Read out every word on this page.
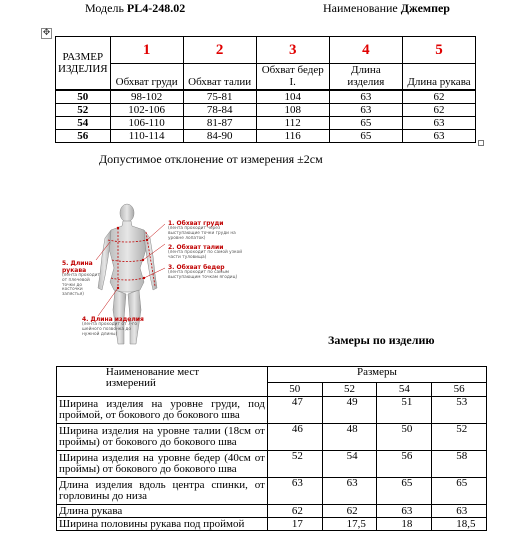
Модель PL4-248.02	Наименование Джемпер
✥
РАЗМЕР
ИЗДЕЛИЯ	1	2	3	4	5
	Обхват груди	Обхват талии	Обхват бедер I.	Длина изделия	Длина рукава
50	98-102	75-81	104	63	62
52	102-106	78-84	108	63	62
54	106-110	81-87	112	65	63
56	110-114	84-90	116	65	63
Допустимое отклонение от измерения ±2см
1. Обхват груди
(лента проходит через выступающие точки груди на уровне лопаток)
2. Обхват талии
(лента проходит по самой узкой части туловища)
3. Обхват бедер
(лента проходит по самым выступающим точкам ягодиц)
5. Длина рукава
(лента проходит от плечевой точки до косточки запястья)
4. Длина изделия
(лента проходит от 7-го шейного позвонка до нужной длины)	Замеры по изделию
Наименование мест измерений	Размеры			
	50	52	54	56
Ширина изделия на уровне груди, под проймой, от бокового до бокового шва	47	49	51	53
Ширина изделия на уровне талии (18см от проймы) от бокового до бокового шва	46	48	50	52
Ширина изделия на уровне бедер (40см от проймы) от бокового до бокового шва	52	54	56	58
Длина изделия вдоль центра спинки, от горловины до низа	63	63	65	65
Длина рукава	62	62	63	63
Ширина половины рукава под проймой	17	17,5	18	18,5
